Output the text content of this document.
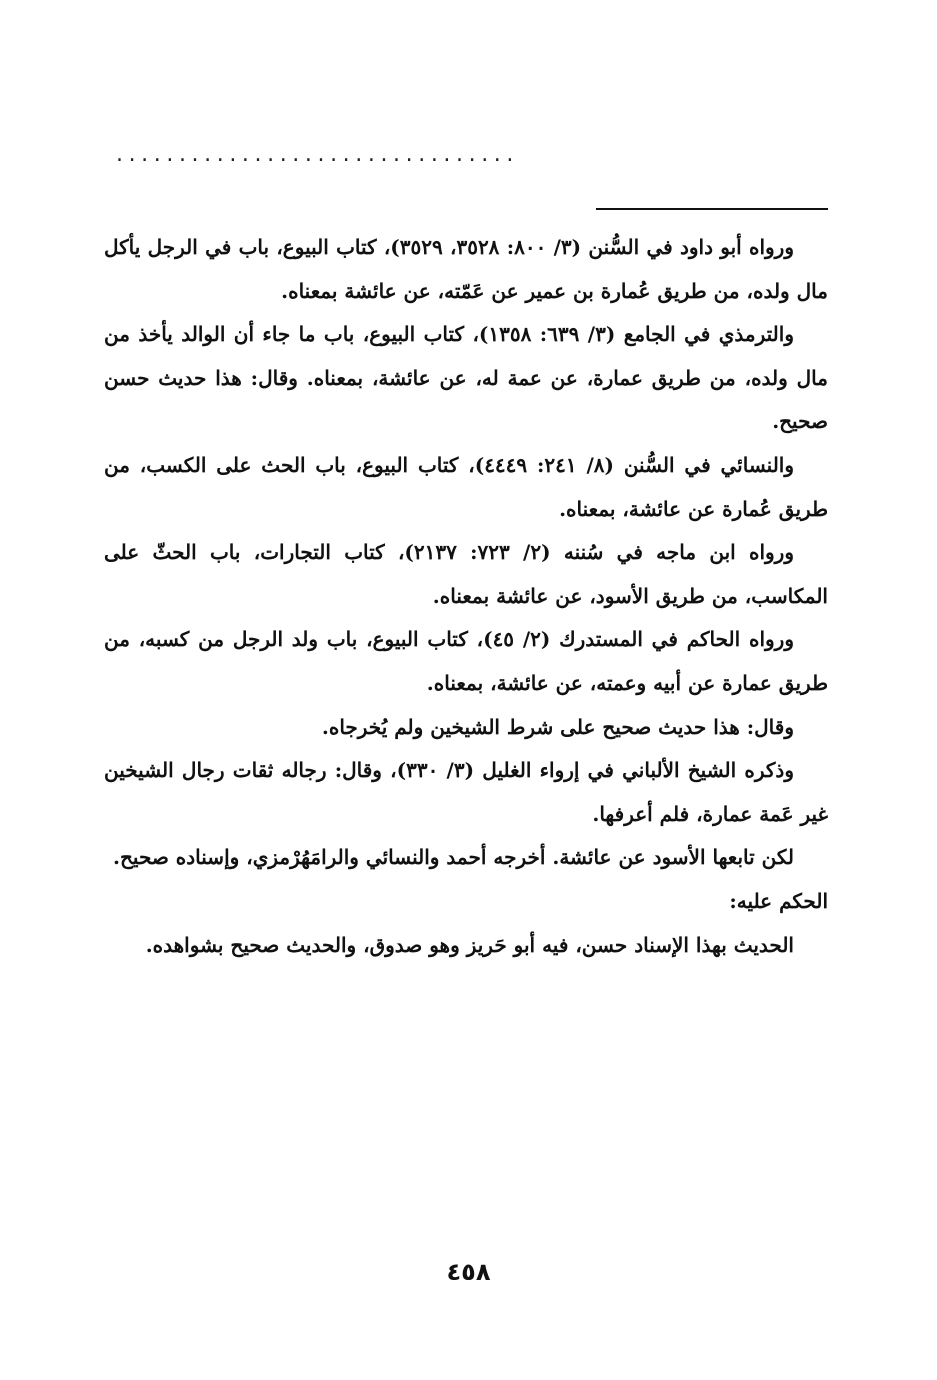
................................

ورواه أبو داود في السُّنن (٣/ ٨٠٠: ٣٥٢٨، ٣٥٢٩)، كتاب البيوع، باب في الرجل يأكل مال ولده، من طريق عُمارة بن عمير عن عَمّته، عن عائشة بمعناه.

والترمذي في الجامع (٣/ ٦٣٩: ١٣٥٨)، كتاب البيوع، باب ما جاء أن الوالد يأخذ من مال ولده، من طريق عمارة، عن عمة له، عن عائشة، بمعناه. وقال: هذا حديث حسن صحيح.

والنسائي في السُّنن (٨/ ٢٤١: ٤٤٤٩)، كتاب البيوع، باب الحث على الكسب، من طريق عُمارة عن عائشة، بمعناه.

ورواه ابن ماجه في سُننه (٢/ ٧٢٣: ٢١٣٧)، كتاب التجارات، باب الحثّ على المكاسب، من طريق الأسود، عن عائشة بمعناه.

ورواه الحاكم في المستدرك (٢/ ٤٥)، كتاب البيوع، باب ولد الرجل من كسبه، من طريق عمارة عن أبيه وعمته، عن عائشة، بمعناه.

وقال: هذا حديث صحيح على شرط الشيخين ولم يُخرجاه.

وذكره الشيخ الألباني في إرواء الغليل (٣/ ٣٣٠)، وقال: رجاله ثقات رجال الشيخين غير عَمة عمارة، فلم أعرفها.

لكن تابعها الأسود عن عائشة. أخرجه أحمد والنسائي والرامَهُرْمزي، وإسناده صحيح.

الحكم عليه:

الحديث بهذا الإسناد حسن، فيه أبو حَريز وهو صدوق، والحديث صحيح بشواهده.

٤٥٨
